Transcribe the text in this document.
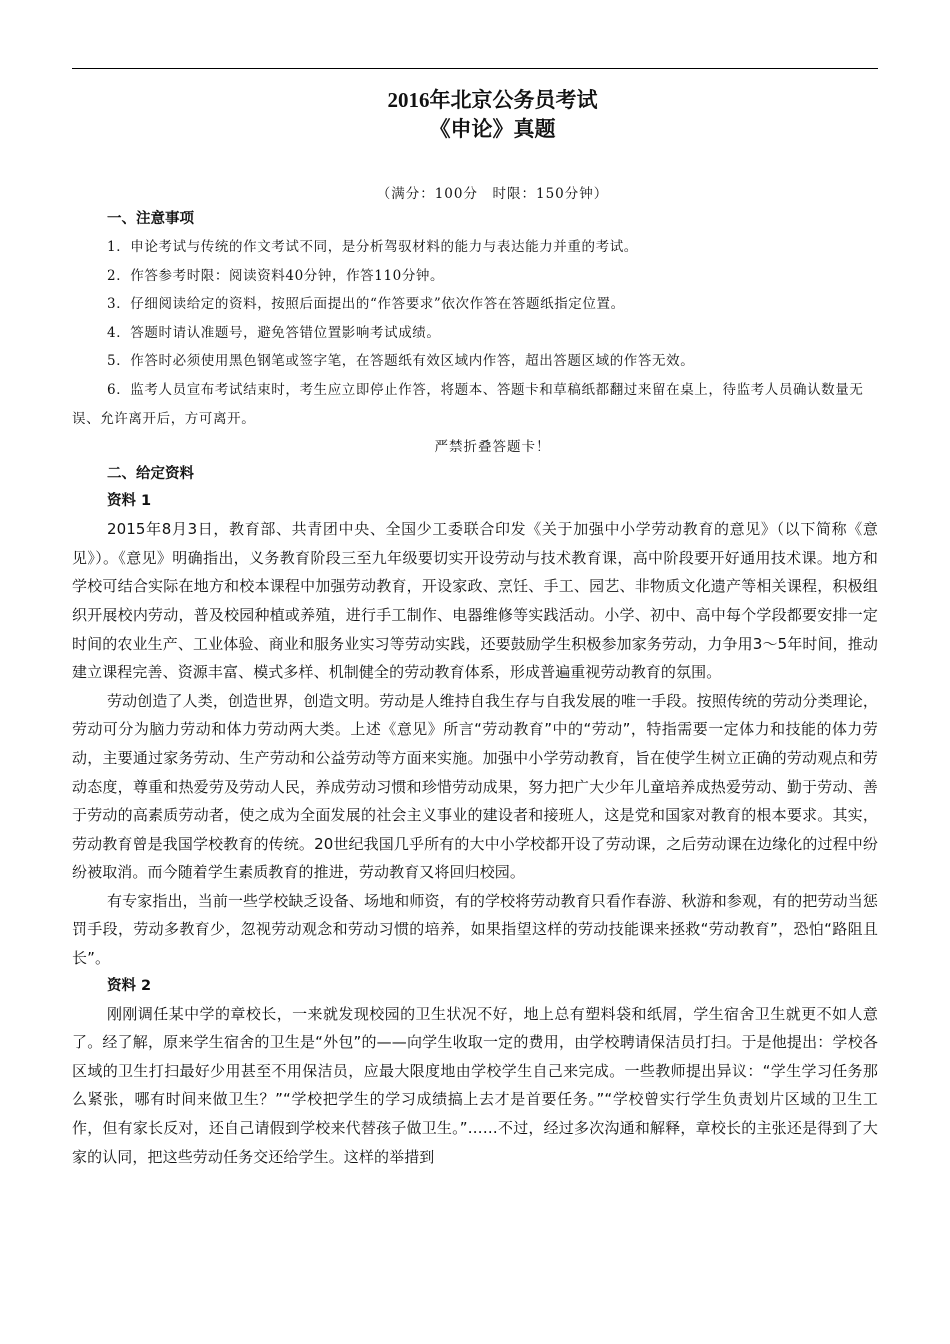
2016年北京公务员考试
《申论》真题
（满分：100分　时限：150分钟）
一、注意事项

1．申论考试与传统的作文考试不同，是分析驾驭材料的能力与表达能力并重的考试。

2．作答参考时限：阅读资料40分钟，作答110分钟。

3．仔细阅读给定的资料，按照后面提出的“作答要求”依次作答在答题纸指定位置。

4．答题时请认准题号，避免答错位置影响考试成绩。

5．作答时必须使用黑色钢笔或签字笔，在答题纸有效区域内作答，超出答题区域的作答无效。

6．监考人员宣布考试结束时，考生应立即停止作答，将题本、答题卡和草稿纸都翻过来留在桌上，待监考人员确认数量无误、允许离开后，方可离开。

严禁折叠答题卡！
二、给定资料
资料 1

2015年8月3日，教育部、共青团中央、全国少工委联合印发《关于加强中小学劳动教育的意见》（以下简称《意见》）。《意见》明确指出，义务教育阶段三至九年级要切实开设劳动与技术教育课，高中阶段要开好通用技术课。地方和学校可结合实际在地方和校本课程中加强劳动教育，开设家政、烹饪、手工、园艺、非物质文化遗产等相关课程，积极组织开展校内劳动，普及校园种植或养殖，进行手工制作、电器维修等实践活动。小学、初中、高中每个学段都要安排一定时间的农业生产、工业体验、商业和服务业实习等劳动实践，还要鼓励学生积极参加家务劳动，力争用3～5年时间，推动建立课程完善、资源丰富、模式多样、机制健全的劳动教育体系，形成普遍重视劳动教育的氛围。

劳动创造了人类，创造世界，创造文明。劳动是人维持自我生存与自我发展的唯一手段。按照传统的劳动分类理论，劳动可分为脑力劳动和体力劳动两大类。上述《意见》所言“劳动教育”中的“劳动”，特指需要一定体力和技能的体力劳动，主要通过家务劳动、生产劳动和公益劳动等方面来实施。加强中小学劳动教育，旨在使学生树立正确的劳动观点和劳动态度，尊重和热爱劳及劳动人民，养成劳动习惯和珍惜劳动成果，努力把广大少年儿童培养成热爱劳动、勤于劳动、善于劳动的高素质劳动者，使之成为全面发展的社会主义事业的建设者和接班人，这是党和国家对教育的根本要求。其实，劳动教育曾是我国学校教育的传统。20世纪我国几乎所有的大中小学校都开设了劳动课，之后劳动课在边缘化的过程中纷纷被取消。而今随着学生素质教育的推进，劳动教育又将回归校园。

有专家指出，当前一些学校缺乏设备、场地和师资，有的学校将劳动教育只看作春游、秋游和参观，有的把劳动当惩罚手段，劳动多教育少，忽视劳动观念和劳动习惯的培养，如果指望这样的劳动技能课来拯救“劳动教育”，恐怕“路阻且长”。

资料 2

刚刚调任某中学的章校长，一来就发现校园的卫生状况不好，地上总有塑料袋和纸屑，学生宿舍卫生就更不如人意了。经了解，原来学生宿舍的卫生是“外包”的——向学生收取一定的费用，由学校聘请保洁员打扫。于是他提出：学校各区域的卫生打扫最好少用甚至不用保洁员，应最大限度地由学校学生自己来完成。一些教师提出异议：“学生学习任务那么紧张，哪有时间来做卫生？”“学校把学生的学习成绩搞上去才是首要任务。”“学校曾实行学生负责划片区域的卫生工作，但有家长反对，还自己请假到学校来代替孩子做卫生。”……不过，经过多次沟通和解释，章校长的主张还是得到了大家的认同，把这些劳动任务交还给学生。这样的举措到
